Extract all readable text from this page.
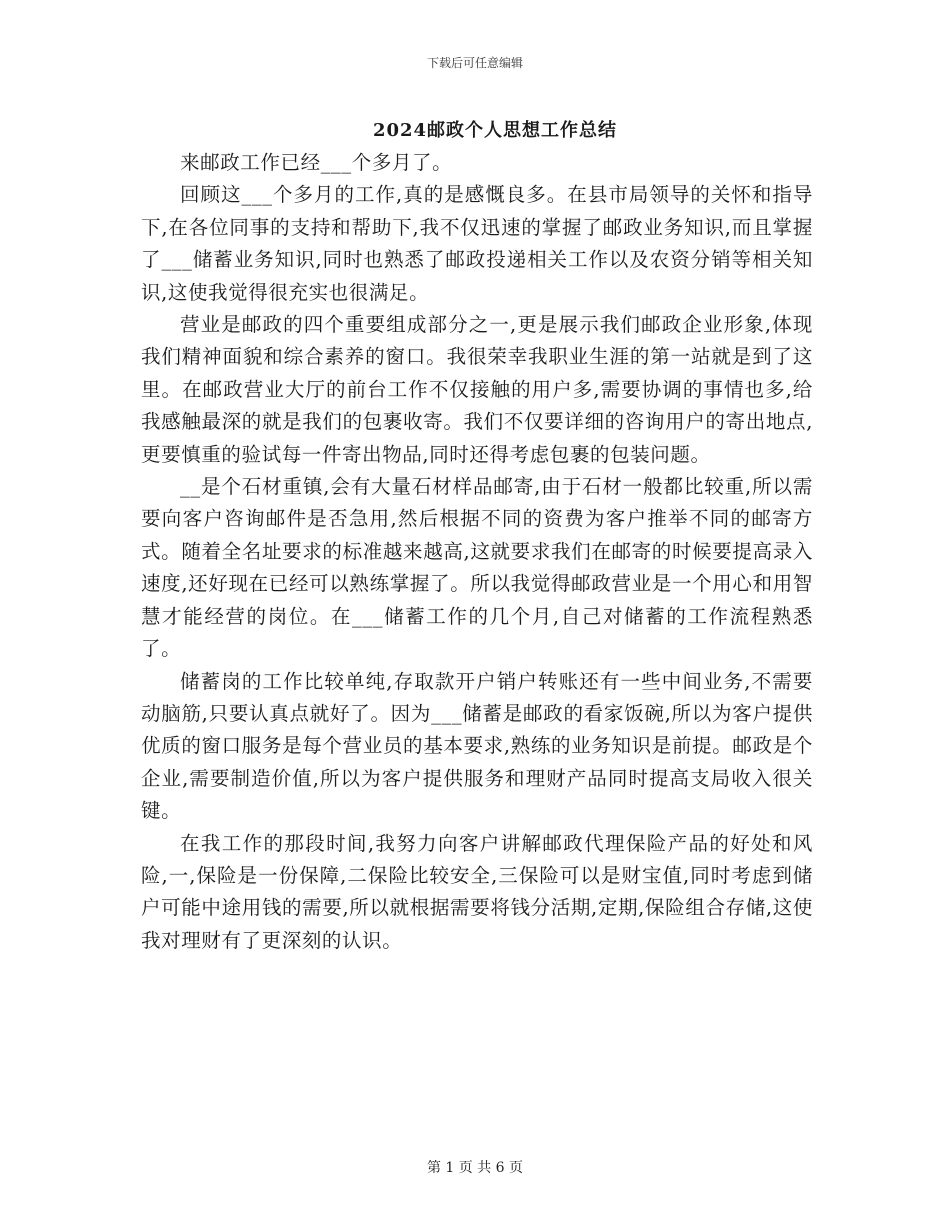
下载后可任意编辑
2024邮政个人思想工作总结

来邮政工作已经___个多月了。

回顾这___个多月的工作,真的是感慨良多。在县市局领导的关怀和指导下,在各位同事的支持和帮助下,我不仅迅速的掌握了邮政业务知识,而且掌握了___储蓄业务知识,同时也熟悉了邮政投递相关工作以及农资分销等相关知识,这使我觉得很充实也很满足。

营业是邮政的四个重要组成部分之一,更是展示我们邮政企业形象,体现我们精神面貌和综合素养的窗口。我很荣幸我职业生涯的第一站就是到了这里。在邮政营业大厅的前台工作不仅接触的用户多,需要协调的事情也多,给我感触最深的就是我们的包裹收寄。我们不仅要详细的咨询用户的寄出地点,更要慎重的验试每一件寄出物品,同时还得考虑包裹的包装问题。

__是个石材重镇,会有大量石材样品邮寄,由于石材一般都比较重,所以需要向客户咨询邮件是否急用,然后根据不同的资费为客户推举不同的邮寄方式。随着全名址要求的标准越来越高,这就要求我们在邮寄的时候要提高录入速度,还好现在已经可以熟练掌握了。所以我觉得邮政营业是一个用心和用智慧才能经营的岗位。在___储蓄工作的几个月,自己对储蓄的工作流程熟悉了。

储蓄岗的工作比较单纯,存取款开户销户转账还有一些中间业务,不需要动脑筋,只要认真点就好了。因为___储蓄是邮政的看家饭碗,所以为客户提供优质的窗口服务是每个营业员的基本要求,熟练的业务知识是前提。邮政是个企业,需要制造价值,所以为客户提供服务和理财产品同时提高支局收入很关键。

在我工作的那段时间,我努力向客户讲解邮政代理保险产品的好处和风险,一,保险是一份保障,二保险比较安全,三保险可以是财宝值,同时考虑到储户可能中途用钱的需要,所以就根据需要将钱分活期,定期,保险组合存储,这使我对理财有了更深刻的认识。

第 1 页 共 6 页
